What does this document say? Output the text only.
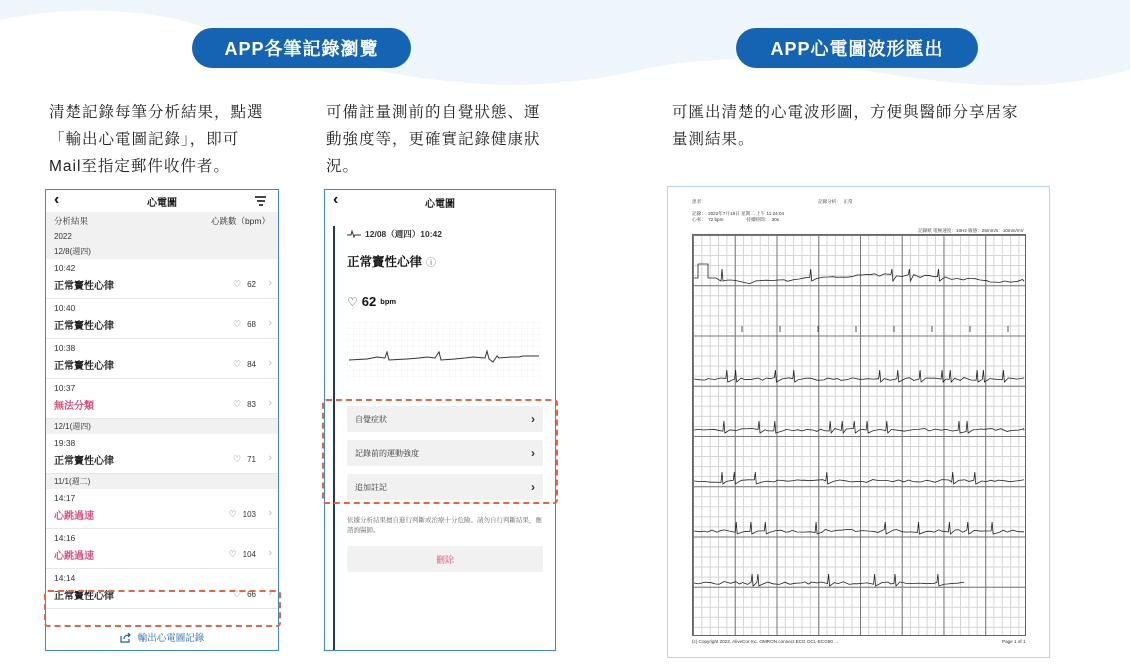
APP各筆記錄瀏覽	APP心電圖波形匯出
清楚記錄每筆分析結果，點選
「輸出心電圖記錄」，即可
Mail至指定郵件收件者。
可備註量測前的自覺狀態、運
動強度等，更確實記錄健康狀
況。
可匯出清楚的心電波形圖，方便與醫師分享居家
量測結果。
‹	心電圖
分析結果	心跳數（bpm）
2022
12/8(週四)
10:42
正常竇性心律	♡ 62 ›
10:40
正常竇性心律	♡ 68 ›
10:38
正常竇性心律	♡ 84 ›
10:37
無法分類	♡ 83 ›
12/1(週四)
19:38
正常竇性心律	♡ 71 ›
11/1(週二)
14:17
心跳過速	♡ 103 ›
14:16
心跳過速	♡ 104 ›
14:14
正常竇性心律	♡ 66 ›
輸出心電圖記錄
‹	心電圖
12/08（週四）10:42
正常竇性心律 ⓘ
♡ 62 bpm
自覺症狀	›
記錄前的運動強度	›
追加註記	›
依據分析結果擅自進行判斷或治療十分危險。請勿自行判斷結果，應諮詢醫師。
刪除
患者：	記錄分析：　正常
記錄：　2022年7月19日 星期二 上午 11:24:04
心率：　72 bpm　　　　　持續時間：　30s
記錄紙 電極速度：10Hz 敏感：25mm/s：10mm/mV
(c) Copyright 2022, AliveCor Inc. OMRON connect ECG OCL-ECG80 ...	Page 1 of 1
